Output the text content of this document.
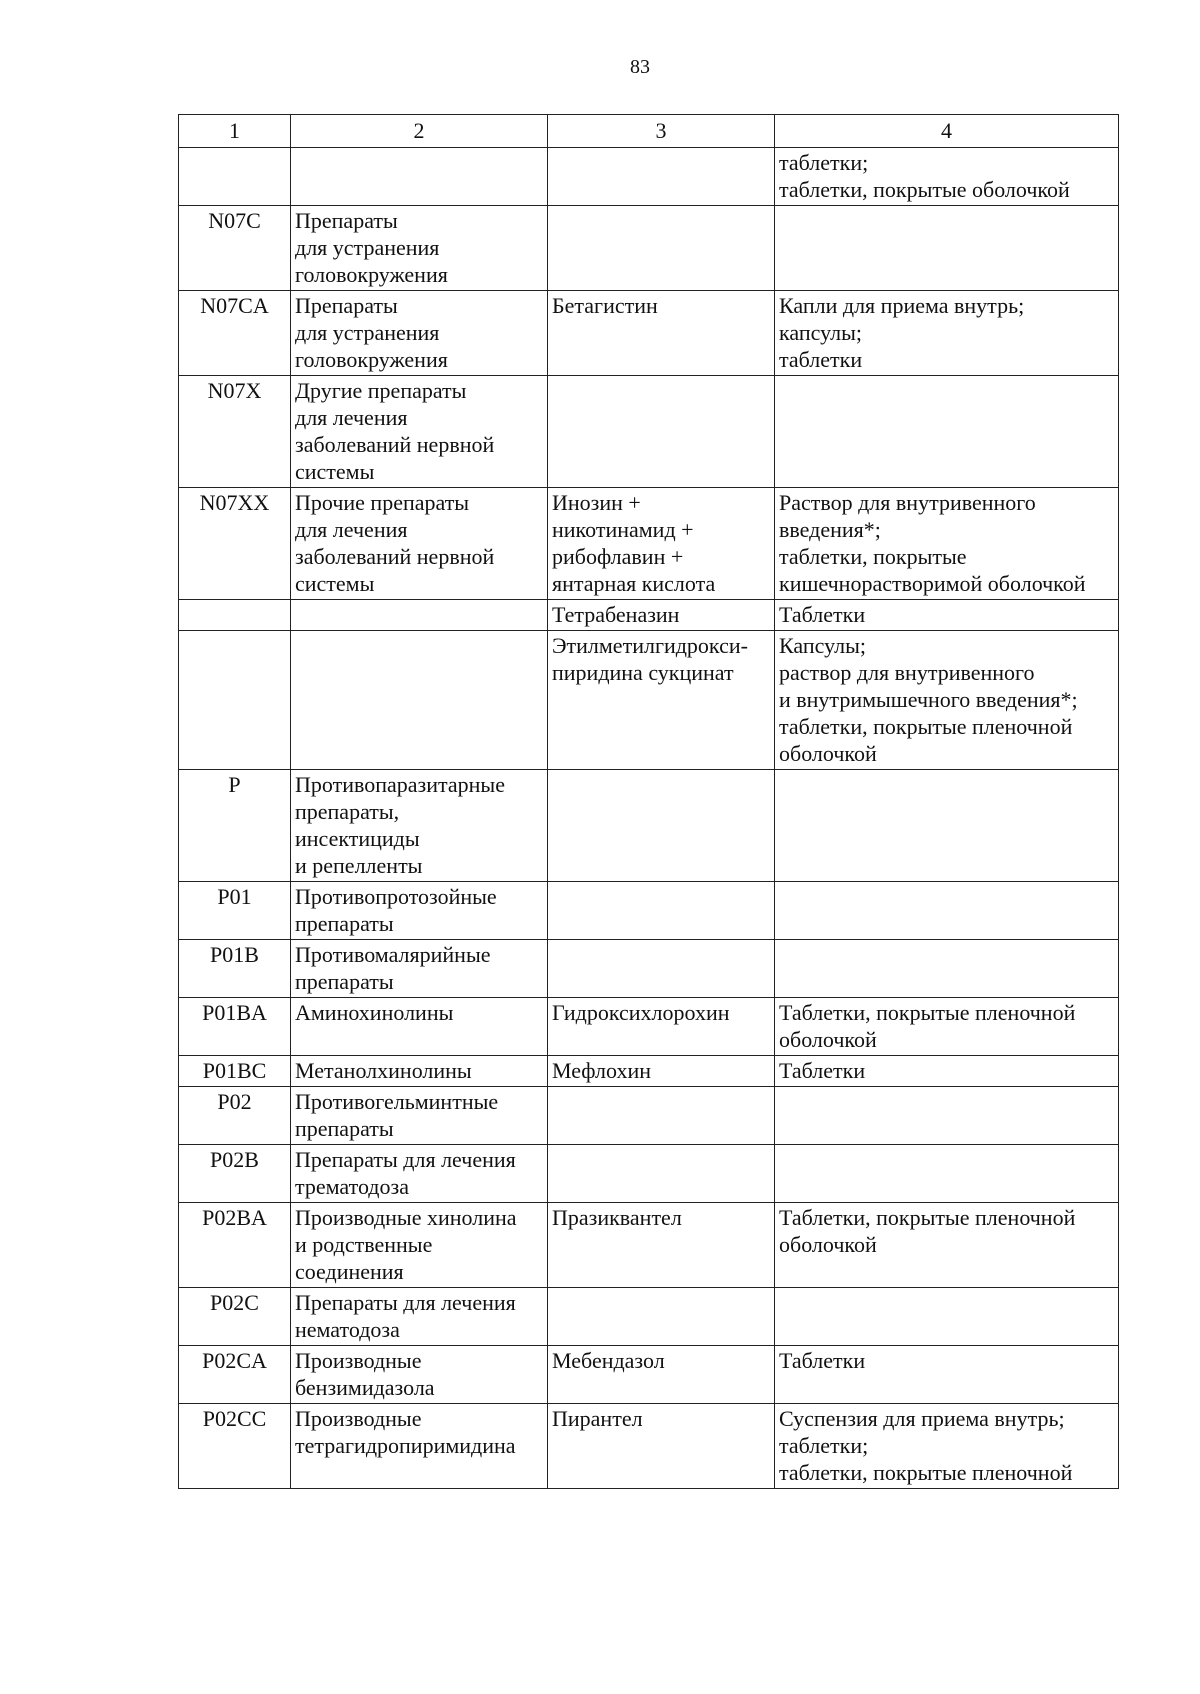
83
1	2	3	4

			таблетки;
таблетки, покрытые оболочкой

N07C	Препараты
для устранения
головокружения		

N07CA	Препараты
для устранения
головокружения	Бетагистин	Капли для приема внутрь;
капсулы;
таблетки

N07X	Другие препараты
для лечения
заболеваний нервной
системы		

N07XX	Прочие препараты
для лечения
заболеваний нервной
системы	Инозин +
никотинамид +
рибофлавин +
янтарная кислота	Раствор для внутривенного
введения*;
таблетки, покрытые
кишечнорастворимой оболочкой

		Тетрабеназин	Таблетки

		Этилметилгидрокси-
пиридина сукцинат	Капсулы;
раствор для внутривенного
и внутримышечного введения*;
таблетки, покрытые пленочной
оболочкой

P	Противопаразитарные
препараты,
инсектициды
и репелленты		

P01	Противопротозойные
препараты		

P01B	Противомалярийные
препараты		

P01BA	Аминохинолины	Гидроксихлорохин	Таблетки, покрытые пленочной
оболочкой

P01BC	Метанолхинолины	Мефлохин	Таблетки

P02	Противогельминтные
препараты		

P02B	Препараты для лечения
трематодоза		

P02BA	Производные хинолина
и родственные
соединения	Празиквантел	Таблетки, покрытые пленочной
оболочкой

P02C	Препараты для лечения
нематодоза		

P02CA	Производные
бензимидазола	Мебендазол	Таблетки

P02CC	Производные
тетрагидропиримидина	Пирантел	Суспензия для приема внутрь;
таблетки;
таблетки, покрытые пленочной
